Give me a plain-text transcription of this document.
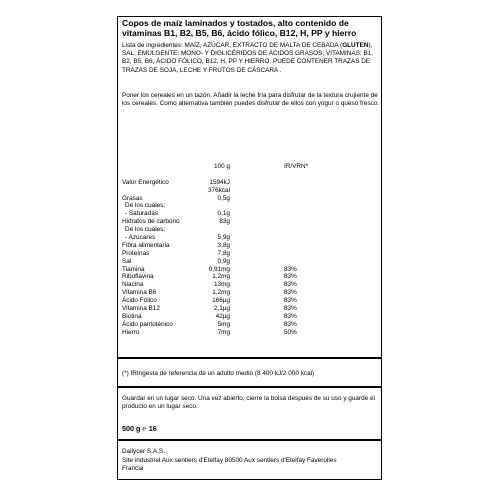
Copos de maíz laminados y tostados, alto contenido de vitaminas B1, B2, B5, B6, ácido fólico, B12, H, PP y hierro
Lista de ingredientes: MAÍZ, AZÚCAR, EXTRACTO DE MALTA DE CEBADA (GLUTEN), SAL, EMULGENTE: MONO- Y DIGLICÉRIDOS DE ÁCIDOS GRASOS, VITAMINAS: B1, B2, B5, B6, ÁCIDO FÓLICO, B12, H, PP Y HIERRO. PUEDE CONTENER TRAZAS DE: TRAZAS DE SOJA, LECHE Y FRUTOS DE CÁSCARA .
Poner los cereales en un tazón. Añadir la leche fría para disfrutar de la textura crujiente de los cereales. Como alternativa también puedes disfrutar de ellos con yogur o queso fresco.
100 g	IR/VRN*
Valor Energético	1594kJ
376kcal
Grasas	0,5g
De los cuáles:
- Saturadas	0,1g
Hidratos de carbono	83g
De los cuáles:
- Azúcares	5,9g
Fibra alimentaria	3,8g
Proteínas	7,8g
Sal	0,9g
Tiamina	0,91mg	83%
Riboflavina	1,2mg	83%
Niacina	13mg	83%
Vitamina B6	1,2mg	83%
Ácido Fólico	166µg	83%
Vitamina B12	2,1µg	83%
Biotina	42µg	83%
Ácido pantoténico	5mg	83%
Hierro	7mg	50%
(*) IRIngesta de referencia de un adulto medio (8 400 kJ/2 000 kcal)
Guardar en un lugar seco. Una vez abierto, cierre la bolsa después de su uso y guarde el producto en un lugar seco.
500 g ℮ 16
Dailycer S.A.S.
Site industriel Aux sentiers d'Etelfay 80500 Aux sentiers d'Etelfay Faverolles
Francia
